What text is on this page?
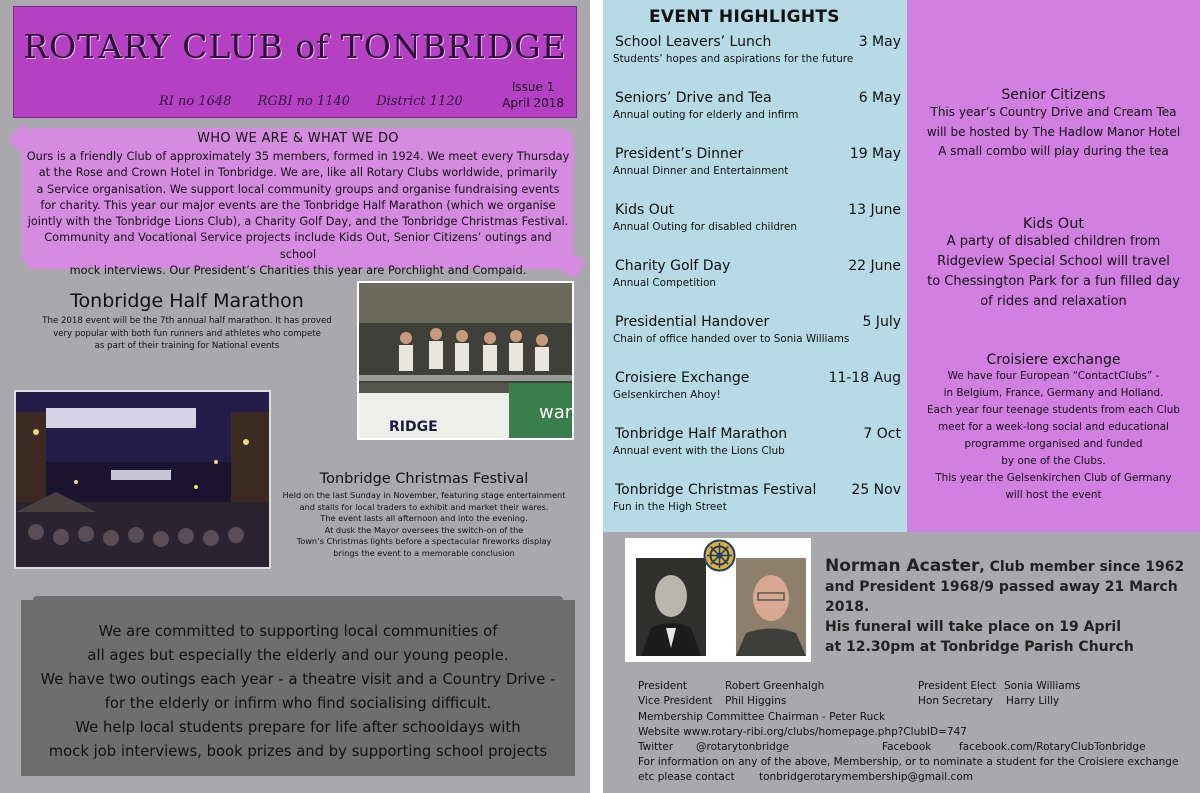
ROTARY CLUB of TONBRIDGE
RI no 1648 RGBI no 1140 District 1120
Issue 1
April 2018
WHO WE ARE & WHAT WE DO
Ours is a friendly Club of approximately 35 members, formed in 1924. We meet every Thursday
at the Rose and Crown Hotel in Tonbridge. We are, like all Rotary Clubs worldwide, primarily
a Service organisation. We support local community groups and organise fundraising events
for charity. This year our major events are the Tonbridge Half Marathon (which we organise
jointly with the Tonbridge Lions Club), a Charity Golf Day, and the Tonbridge Christmas Festival.
Community and Vocational Service projects include Kids Out, Senior Citizens’ outings and school
mock interviews. Our President’s Charities this year are Porchlight and Compaid.
Tonbridge Half Marathon
The 2018 event will be the 7th annual half marathon. It has proved
very popular with both fun runners and athletes who compete
as part of their training for National events
RIDGE
war
Tonbridge Christmas Festival
Held on the last Sunday in November, featuring stage entertainment
and stalls for local traders to exhibit and market their wares.
The event lasts all afternoon and into the evening.
At dusk the Mayor oversees the switch-on of the
Town’s Christmas lights before a spectacular fireworks display
brings the event to a memorable conclusion
We are committed to supporting local communities of
all ages but especially the elderly and our young people.
We have two outings each year - a theatre visit and a Country Drive -
for the elderly or infirm who find socialising difficult.
We help local students prepare for life after schooldays with
mock job interviews, book prizes and by supporting school projects
EVENT HIGHLIGHTS
School Leavers’ Lunch	3 May
Students’ hopes and aspirations for the future
Seniors’ Drive and Tea	6 May
Annual outing for elderly and infirm
President’s Dinner	19 May
Annual Dinner and Entertainment
Kids Out	13 June
Annual Outing for disabled children
Charity Golf Day	22 June
Annual Competition
Presidential Handover	5 July
Chain of office handed over to Sonia Williams
Croisiere Exchange	11-18 Aug
Gelsenkirchen Ahoy!
Tonbridge Half Marathon	7 Oct
Annual event with the Lions Club
Tonbridge Christmas Festival	25 Nov
Fun in the High Street
Senior Citizens
This year’s Country Drive and Cream Tea
will be hosted by The Hadlow Manor Hotel
A small combo will play during the tea
Kids Out
A party of disabled children from
Ridgeview Special School will travel
to Chessington Park for a fun filled day
of rides and relaxation
Croisiere exchange
We have four European “ContactClubs” -
in Belgium, France, Germany and Holland.
Each year four teenage students from each Club
meet for a week-long social and educational
programme organised and funded
by one of the Clubs.
This year the Gelsenkirchen Club of Germany
will host the event
Norman Acaster, Club member since 1962
and President 1968/9 passed away 21 March 2018.
His funeral will take place on 19 April
at 12.30pm at Tonbridge Parish Church
President	Robert Greenhalgh	President Elect Sonia Williams
Vice President Phil Higgins	Hon Secretary Harry Lilly
Membership Committee Chairman - Peter Ruck
Website www.rotary-ribi.org/clubs/homepage.php?ClubID=747
Twitter @rotarytonbridge	Facebook	facebook.com/RotaryClubTonbridge
For information on any of the above, Membership, or to nominate a student for the Croisiere exchange
etc please contact tonbridgerotarymembership@gmail.com
